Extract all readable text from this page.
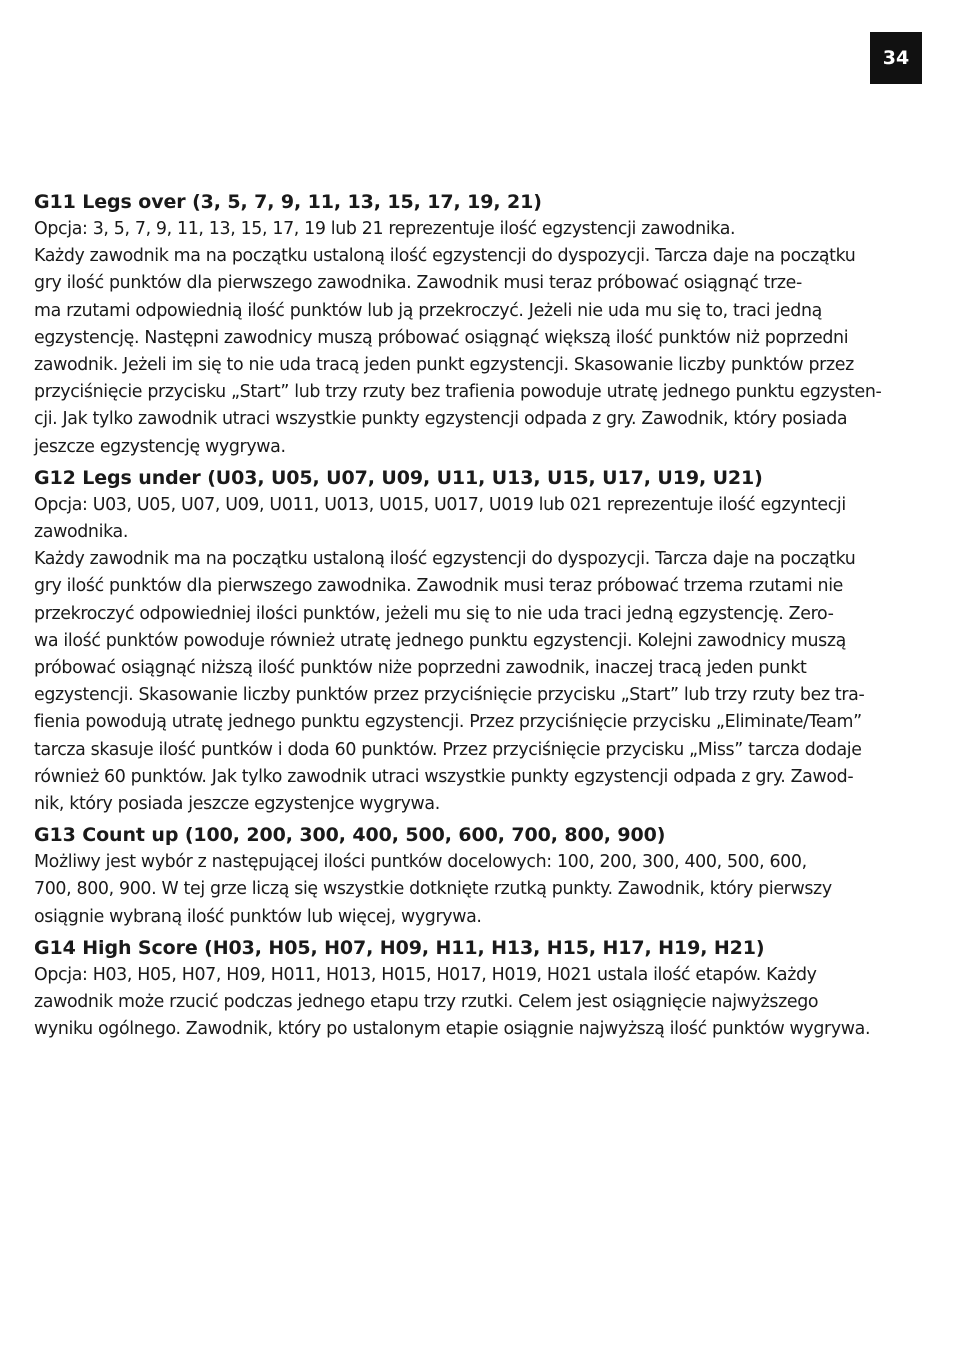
34
G11 Legs over (3, 5, 7, 9, 11, 13, 15, 17, 19, 21)
Opcja: 3, 5, 7, 9, 11, 13, 15, 17, 19 lub 21 reprezentuje ilość egzystencji zawodnika.
Każdy zawodnik ma na początku ustaloną ilość egzystencji do dyspozycji. Tarcza daje na początku
gry ilość punktów dla pierwszego zawodnika. Zawodnik musi teraz próbować osiągnąć trze-
ma rzutami odpowiednią ilość punktów lub ją przekroczyć. Jeżeli nie uda mu się to, traci jedną
egzystencję. Następni zawodnicy muszą próbować osiągnąć większą ilość punktów niż poprzedni
zawodnik. Jeżeli im się to nie uda tracą jeden punkt egzystencji. Skasowanie liczby punktów przez
przyciśnięcie przycisku „Start” lub trzy rzuty bez trafienia powoduje utratę jednego punktu egzysten-
cji. Jak tylko zawodnik utraci wszystkie punkty egzystencji odpada z gry. Zawodnik, który posiada
jeszcze egzystencję wygrywa.
G12 Legs under (U03, U05, U07, U09, U11, U13, U15, U17, U19, U21)
Opcja: U03, U05, U07, U09, U011, U013, U015, U017, U019 lub 021 reprezentuje ilość egzyntecji
zawodnika.
Każdy zawodnik ma na początku ustaloną ilość egzystencji do dyspozycji. Tarcza daje na początku
gry ilość punktów dla pierwszego zawodnika. Zawodnik musi teraz próbować trzema rzutami nie
przekroczyć odpowiedniej ilości punktów, jeżeli mu się to nie uda traci jedną egzystencję. Zero-
wa ilość punktów powoduje również utratę jednego punktu egzystencji. Kolejni zawodnicy muszą
próbować osiągnąć niższą ilość punktów niże poprzedni zawodnik, inaczej tracą jeden punkt
egzystencji. Skasowanie liczby punktów przez przyciśnięcie przycisku „Start” lub trzy rzuty bez tra-
fienia powodują utratę jednego punktu egzystencji. Przez przyciśnięcie przycisku „Eliminate/Team”
tarcza skasuje ilość puntków i doda 60 punktów. Przez przyciśnięcie przycisku „Miss” tarcza dodaje
również 60 punktów. Jak tylko zawodnik utraci wszystkie punkty egzystencji odpada z gry. Zawod-
nik, który posiada jeszcze egzystenjce wygrywa.
G13 Count up (100, 200, 300, 400, 500, 600, 700, 800, 900)
Możliwy jest wybór z następującej ilości puntków docelowych: 100, 200, 300, 400, 500, 600,
700, 800, 900. W tej grze liczą się wszystkie dotknięte rzutką punkty. Zawodnik, który pierwszy
osiągnie wybraną ilość punktów lub więcej, wygrywa.
G14 High Score (H03, H05, H07, H09, H11, H13, H15, H17, H19, H21)
Opcja: H03, H05, H07, H09, H011, H013, H015, H017, H019, H021 ustala ilość etapów. Każdy
zawodnik może rzucić podczas jednego etapu trzy rzutki. Celem jest osiągnięcie najwyższego
wyniku ogólnego. Zawodnik, który po ustalonym etapie osiągnie najwyższą ilość punktów wygrywa.
